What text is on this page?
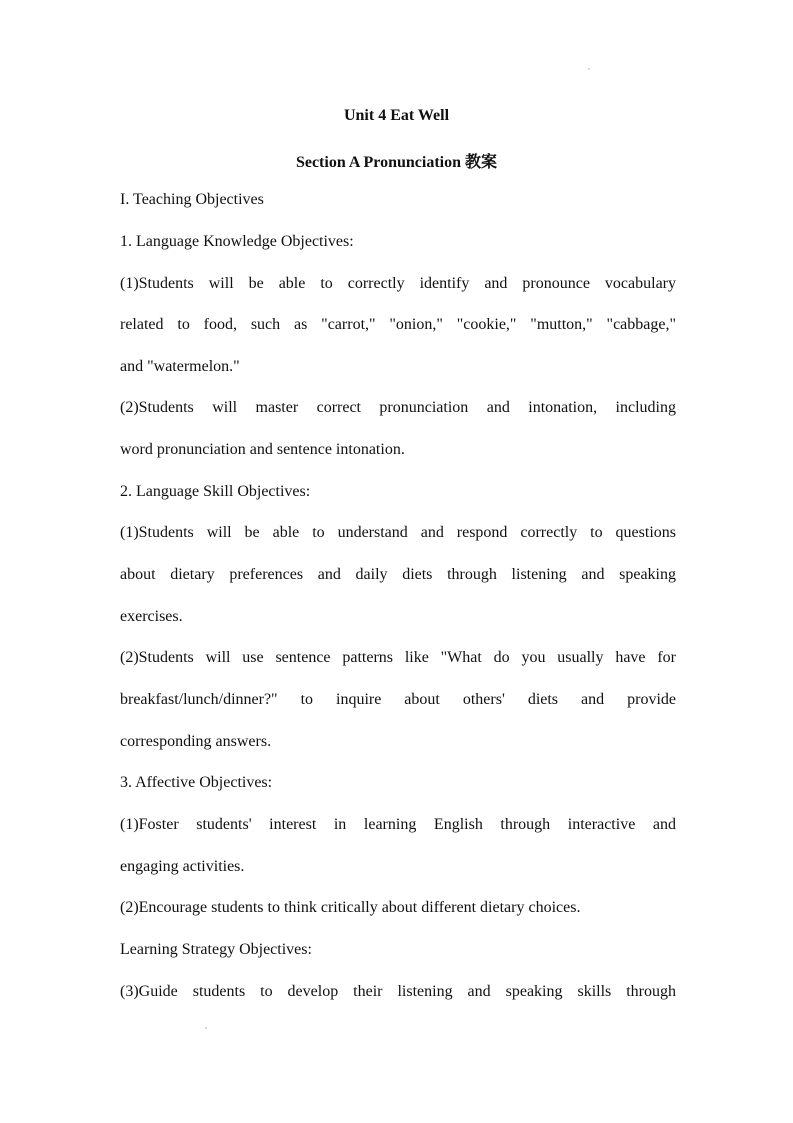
Unit 4 Eat Well
Section A Pronunciation 教案
I. Teaching Objectives
1. Language Knowledge Objectives:
(1)Students will be able to correctly identify and pronounce vocabulary
related to food, such as "carrot," "onion," "cookie," "mutton," "cabbage,"
and "watermelon."
(2)Students will master correct pronunciation and intonation, including
word pronunciation and sentence intonation.
2. Language Skill Objectives:
(1)Students will be able to understand and respond correctly to questions
about dietary preferences and daily diets through listening and speaking
exercises.
(2)Students will use sentence patterns like "What do you usually have for
breakfast/lunch/dinner?" to inquire about others' diets and provide
corresponding answers.
3. Affective Objectives:
(1)Foster students' interest in learning English through interactive and
engaging activities.
(2)Encourage students to think critically about different dietary choices.
Learning Strategy Objectives:
(3)Guide students to develop their listening and speaking skills through
